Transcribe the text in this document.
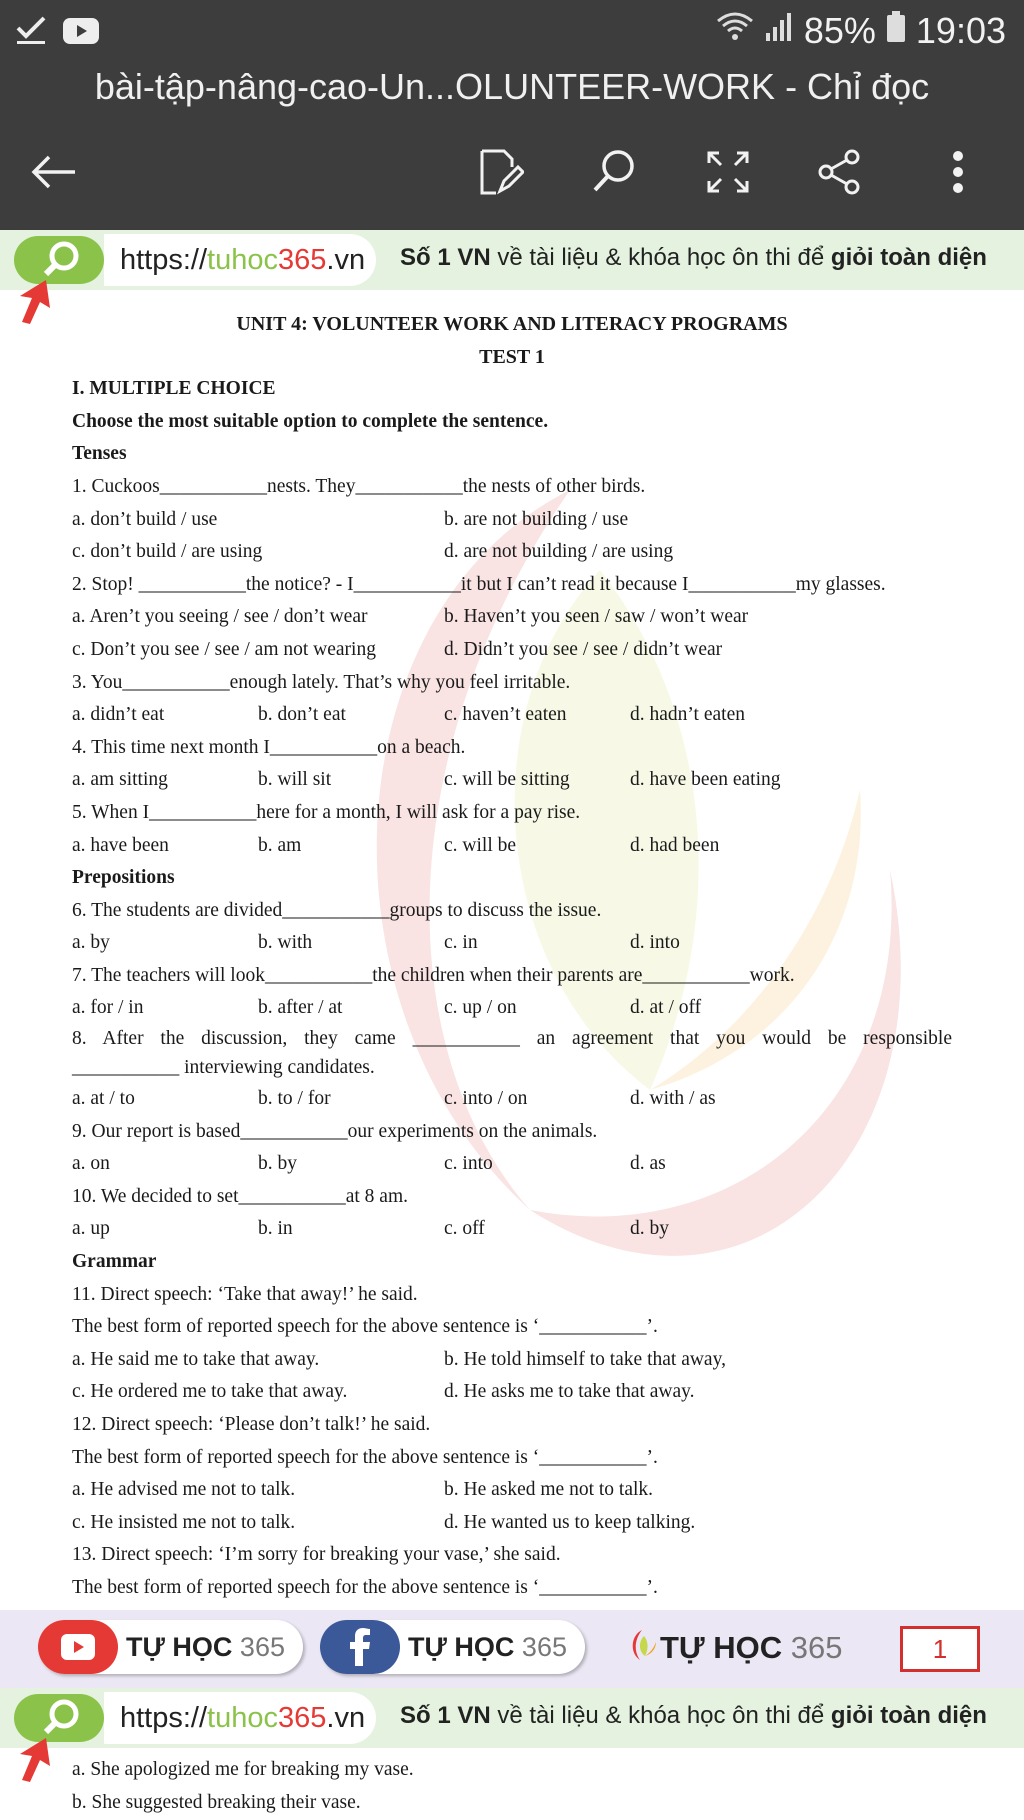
85% 19:03
bài-tập-nâng-cao-Un...OLUNTEER-WORK - Chỉ đọc
https:// tuhoc 365 .vn Số 1 VN về tài liệu & khóa học ôn thi để giỏi toàn diện
UNIT 4: VOLUNTEER WORK AND LITERACY PROGRAMS
TEST 1
I. MULTIPLE CHOICE
Choose the most suitable option to complete the sentence.
Tenses
1. Cuckoos___________nests. They___________the nests of other birds.
a. don’t build / use	b. are not building / use
c. don’t build / are using	d. are not building / are using
2. Stop! ___________the notice? - I___________it but I can’t read it because I___________my glasses.
a. Aren’t you seeing / see / don’t wear	b. Haven’t you seen / saw / won’t wear
c. Don’t you see / see / am not wearing	d. Didn’t you see / see / didn’t wear
3. You___________enough lately. That’s why you feel irritable.
a. didn’t eat	b. don’t eat	c. haven’t eaten	d. hadn’t eaten
4. This time next month I___________on a beach.
a. am sitting	b. will sit	c. will be sitting	d. have been eating
5. When I___________here for a month, I will ask for a pay rise.
a. have been	b. am	c. will be	d. had been
Prepositions
6. The students are divided___________groups to discuss the issue.
a. by	b. with	c. in	d. into
7. The teachers will look___________the children when their parents are___________work.
a. for / in	b. after / at	c. up / on	d. at / off
8. After the discussion, they came ___________ an agreement that you would be responsible
___________ interviewing candidates.
a. at / to	b. to / for	c. into / on	d. with / as
9. Our report is based___________our experiments on the animals.
a. on	b. by	c. into	d. as
10. We decided to set___________at 8 am.
a. up	b. in	c. off	d. by
Grammar
11. Direct speech: ‘Take that away!’ he said.
The best form of reported speech for the above sentence is ‘___________’.
a. He said me to take that away.	b. He told himself to take that away,
c. He ordered me to take that away.	d. He asks me to take that away.
12. Direct speech: ‘Please don’t talk!’ he said.
The best form of reported speech for the above sentence is ‘___________’.
a. He advised me not to talk.	b. He asked me not to talk.
c. He insisted me not to talk.	d. He wanted us to keep talking.
13. Direct speech: ‘I’m sorry for breaking your vase,’ she said.
The best form of reported speech for the above sentence is ‘___________’.
TỰ HỌC 365	TỰ HỌC 365	TỰ HỌC 365	1
https:// tuhoc 365 .vn Số 1 VN về tài liệu & khóa học ôn thi để giỏi toàn diện
a. She apologized me for breaking my vase.
b. She suggested breaking their vase.
